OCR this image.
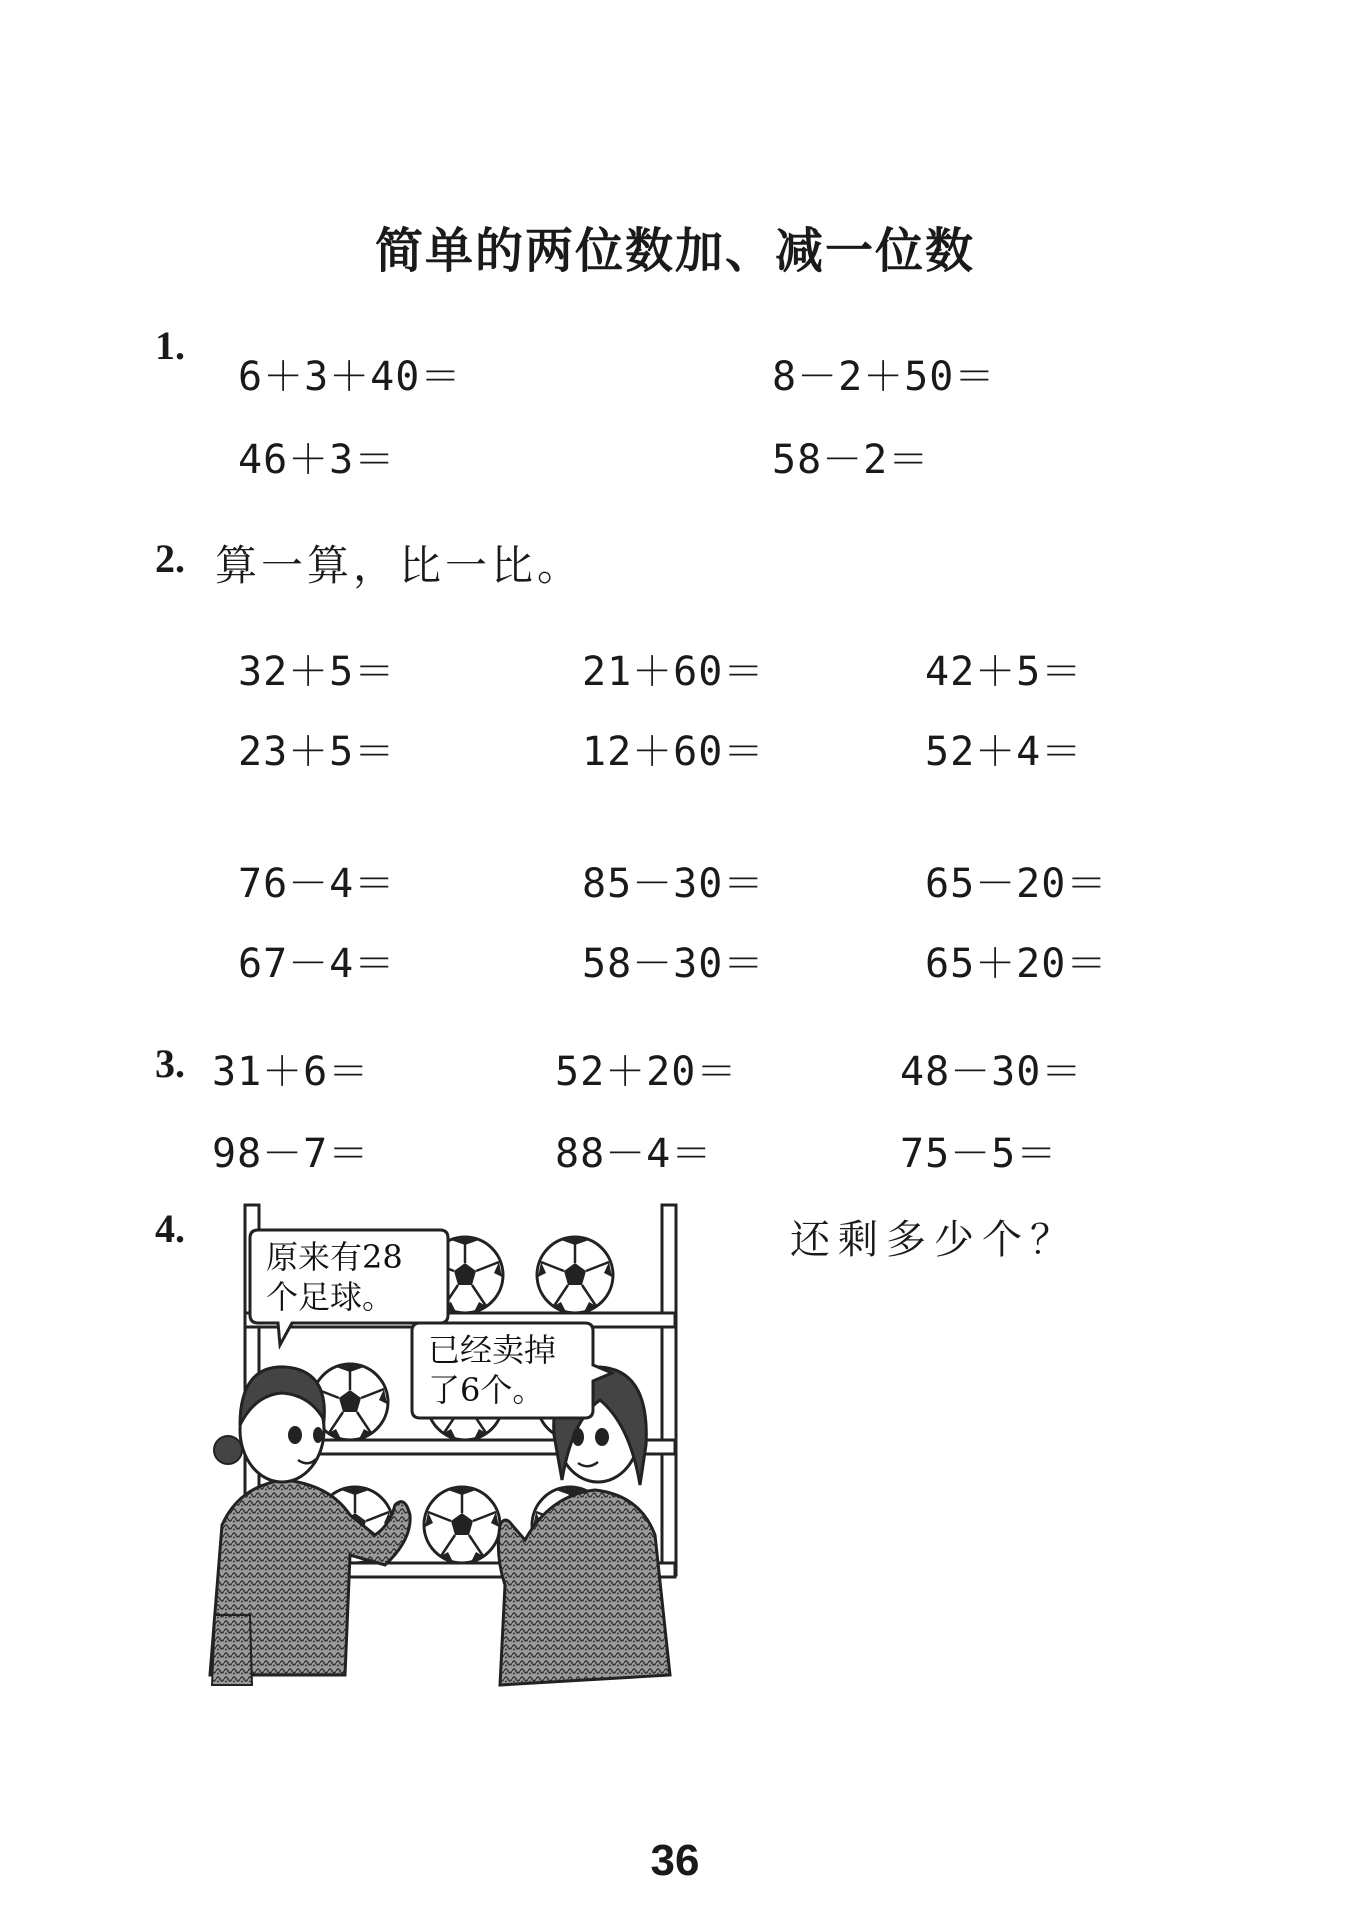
简单的两位数加、减一位数
1.
6＋3＋40＝	8－2＋50＝
46＋3＝	58－2＝
2. 算一算，比一比。
32＋5＝	21＋60＝	42＋5＝
23＋5＝	12＋60＝	52＋4＝
76－4＝	85－30＝	65－20＝
67－4＝	58－30＝	65＋20＝
3. 31＋6＝	52＋20＝	48－30＝
98－7＝	88－4＝	75－5＝
4.	还剩多少个？
原来有28
个足球。
已经卖掉
了6个。
36
